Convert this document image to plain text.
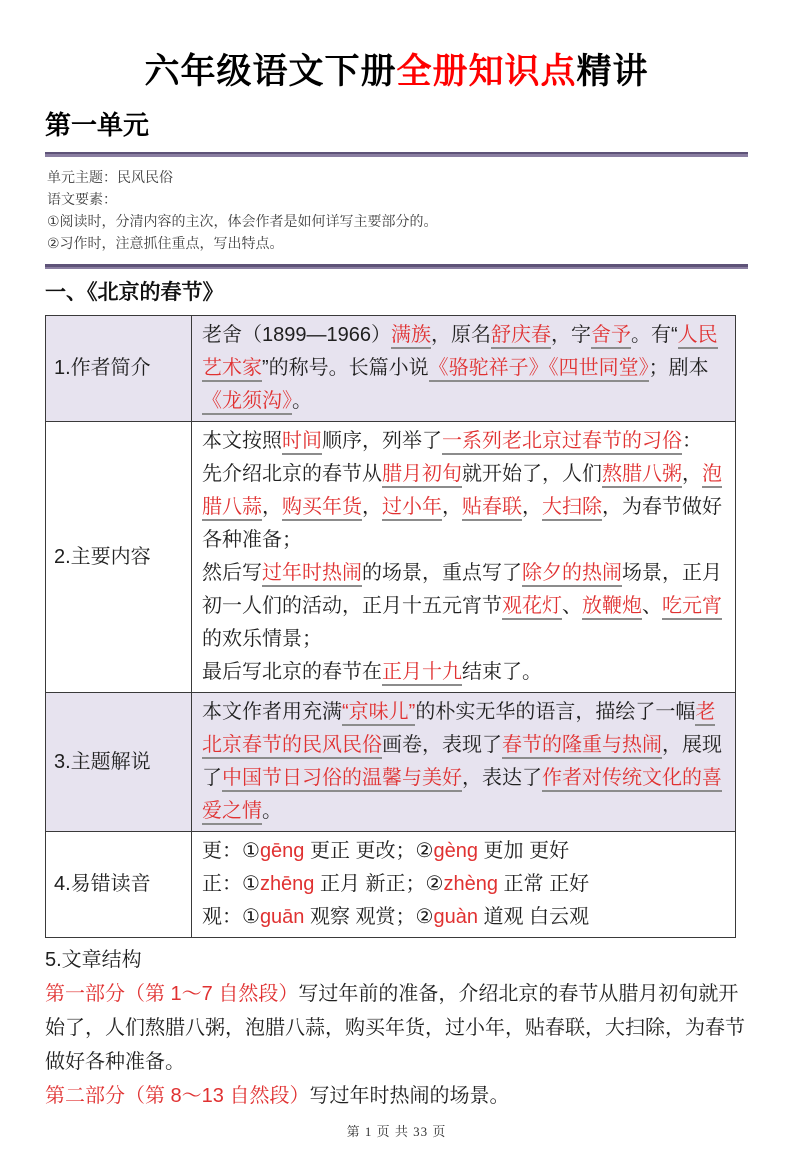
六年级语文下册全册知识点精讲
第一单元

单元主题：民风民俗

语文要素：

①阅读时，分清内容的主次，体会作者是如何详写主要部分的。

②习作时，注意抓住重点，写出特点。

一、《北京的春节》
1.作者简介	老舍（1899—1966）满族，原名舒庆春，字舍予。有“人民艺术家”的称号。长篇小说《骆驼祥子》《四世同堂》；剧本《龙须沟》。

2.主要内容	本文按照时间顺序，列举了一系列老北京过春节的习俗：

先介绍北京的春节从腊月初旬就开始了，人们熬腊八粥，泡腊八蒜，购买年货，过小年，贴春联，大扫除，为春节做好各种准备；

然后写过年时热闹的场景，重点写了除夕的热闹场景，正月初一人们的活动，正月十五元宵节观花灯、放鞭炮、吃元宵的欢乐情景；

最后写北京的春节在正月十九结束了。

3.主题解说	本文作者用充满“京味儿”的朴实无华的语言，描绘了一幅老北京春节的民风民俗画卷，表现了春节的隆重与热闹，展现了中国节日习俗的温馨与美好，表达了作者对传统文化的喜爱之情。

4.易错读音	更：①gēng 更正 更改；②gèng 更加 更好

正：①zhēng 正月 新正；②zhèng 正常 正好

观：①guān 观察 观赏；②guàn 道观 白云观

5.文章结构

第一部分（第 1～7 自然段）写过年前的准备，介绍北京的春节从腊月初旬就开始了，人们熬腊八粥，泡腊八蒜，购买年货，过小年，贴春联，大扫除，为春节做好各种准备。

第二部分（第 8～13 自然段）写过年时热闹的场景。

第 1 页 共 33 页
